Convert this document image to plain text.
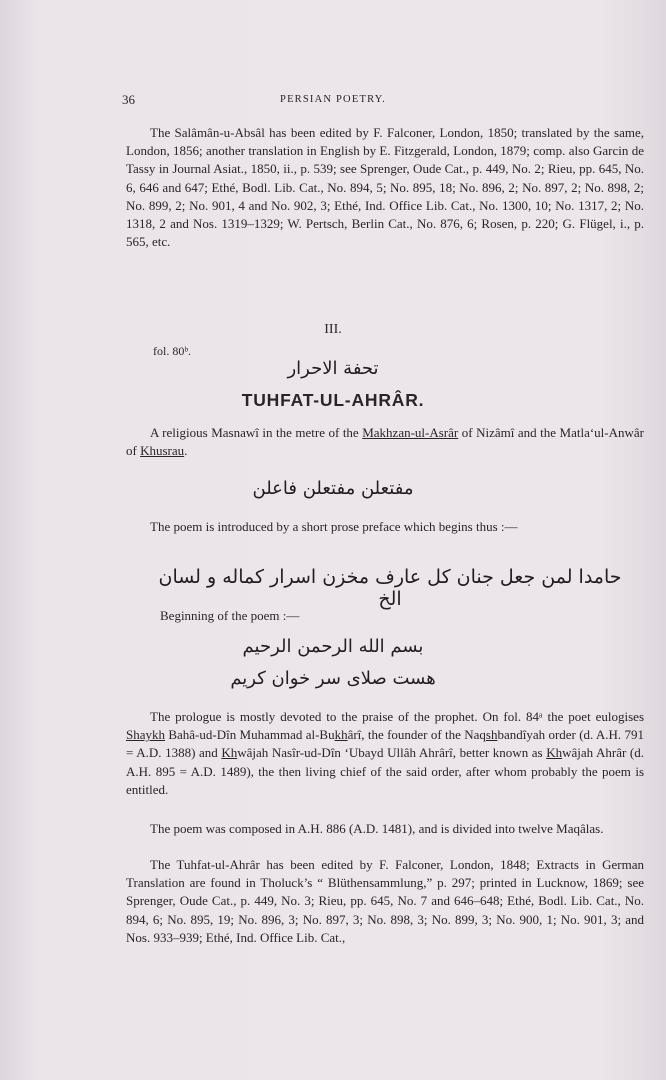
36	PERSIAN POETRY.

The Salâmân-u-Absâl has been edited by F. Falconer, London, 1850; translated by the same, London, 1856; another translation in English by E. Fitzgerald, London, 1879; comp. also Garcin de Tassy in Journal Asiat., 1850, ii., p. 539; see Sprenger, Oude Cat., p. 449, No. 2; Rieu, pp. 645, No. 6, 646 and 647; Ethé, Bodl. Lib. Cat., No. 894, 5; No. 895, 18; No. 896, 2; No. 897, 2; No. 898, 2; No. 899, 2; No. 901, 4 and No. 902, 3; Ethé, Ind. Office Lib. Cat., No. 1300, 10; No. 1317, 2; No. 1318, 2 and Nos. 1319–1329; W. Pertsch, Berlin Cat., No. 876, 6; Rosen, p. 220; G. Flügel, i., p. 565, etc.

III.
fol. 80ᵇ.
تحفة الاحرار
TUHFAT-UL-AHRÂR.

A religious Masnawî in the metre of the Makhzan-ul-Asrâr of Nizâmî and the Matla‘ul-Anwâr of Khusrau.

مفتعلن مفتعلن فاعلن

The poem is introduced by a short prose preface which begins thus :—

حامدا لمن جعل جنان كل عارف مخزن اسرار كماله و لسان الخ
Beginning of the poem :—
بسم الله الرحمن الرحيم
هست صلاى سر خوان كريم

The prologue is mostly devoted to the praise of the prophet. On fol. 84ᵃ the poet eulogises Shaykh Bahâ-ud-Dîn Muhammad al-Bukhârî, the founder of the Naqshbandîyah order (d. A.H. 791 = A.D. 1388) and Khwâjah Nasîr-ud-Dîn ‘Ubayd Ullâh Ahrârî, better known as Khwâjah Ahrâr (d. A.H. 895 = A.D. 1489), the then living chief of the said order, after whom probably the poem is entitled.

The poem was composed in A.H. 886 (A.D. 1481), and is divided into twelve Maqâlas.

The Tuhfat-ul-Ahrâr has been edited by F. Falconer, London, 1848; Extracts in German Translation are found in Tholuck’s “ Blüthensammlung,” p. 297; printed in Lucknow, 1869; see Sprenger, Oude Cat., p. 449, No. 3; Rieu, pp. 645, No. 7 and 646–648; Ethé, Bodl. Lib. Cat., No. 894, 6; No. 895, 19; No. 896, 3; No. 897, 3; No. 898, 3; No. 899, 3; No. 900, 1; No. 901, 3; and Nos. 933–939; Ethé, Ind. Office Lib. Cat.,
